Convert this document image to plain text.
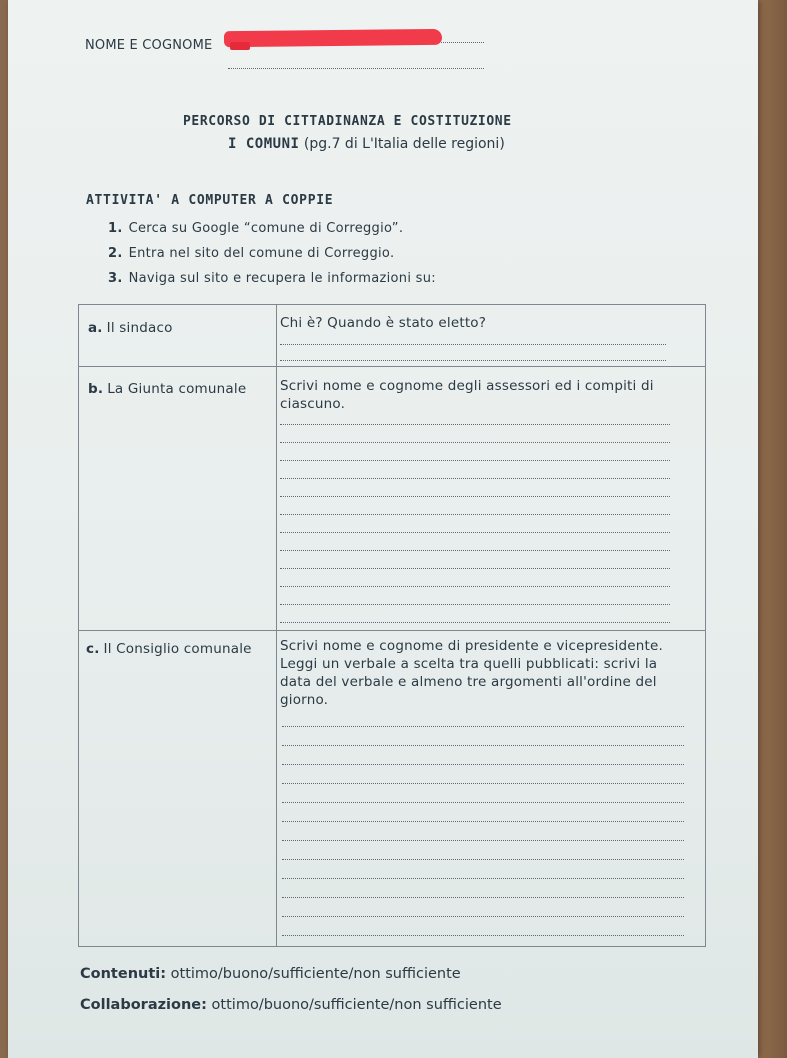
NOME E COGNOME
PERCORSO DI CITTADINANZA E COSTITUZIONE
I COMUNI (pg.7 di L'Italia delle regioni)
ATTIVITA' A COMPUTER A COPPIE
1. Cerca su Google “comune di Correggio”.
2. Entra nel sito del comune di Correggio.
3. Naviga sul sito e recupera le informazioni su:
a. Il sindaco	Chi è? Quando è stato eletto?
b. La Giunta comunale Scrivi nome e cognome degli assessori ed i compiti di ciascuno.
c. Il Consiglio comunale Scrivi nome e cognome di presidente e vicepresidente. Leggi un verbale a scelta tra quelli pubblicati: scrivi la data del verbale e almeno tre argomenti all'ordine del giorno.
Contenuti: ottimo/buono/sufficiente/non sufficiente
Collaborazione: ottimo/buono/sufficiente/non sufficiente
